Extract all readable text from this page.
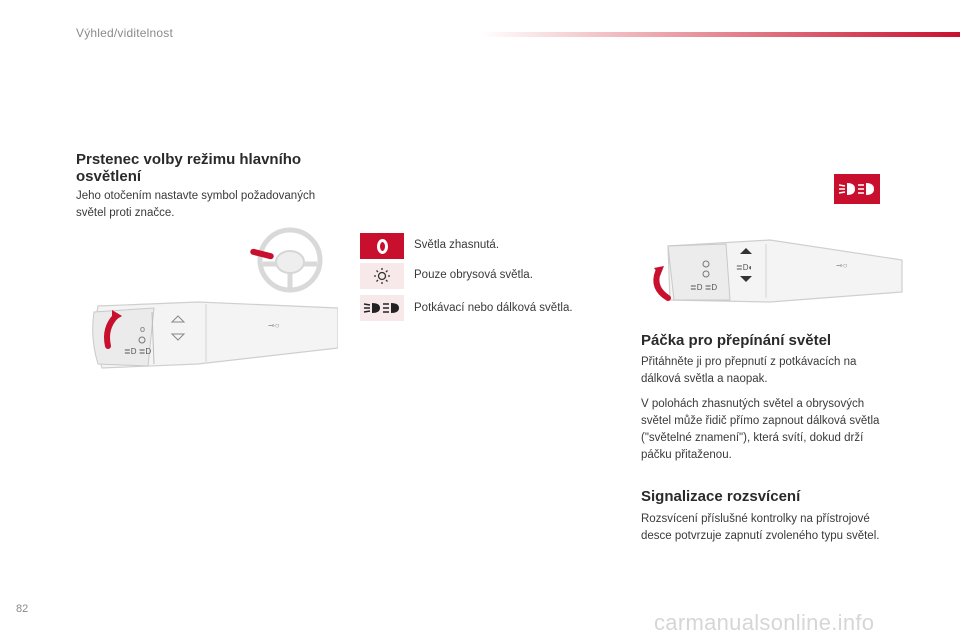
Výhled/viditelnost

Prstenec volby režimu hlavního
osvětlení

Jeho otočením nastavte symbol požadovaných
světel proti značce.

o
≣D ≣D
⊸○
Světla zhasnutá.
Pouze obrysová světla.
Potkávací nebo dálková světla.
≣D ≣D
≣D◐	⊸○

Páčka pro přepínání světel

Přitáhněte ji pro přepnutí z potkávacích na
dálková světla a naopak.

V polohách zhasnutých světel a obrysových
světel může řidič přímo zapnout dálková světla
("světelné znamení"), která svítí, dokud drží
páčku přitaženou.

Signalizace rozsvícení

Rozsvícení příslušné kontrolky na přístrojové
desce potvrzuje zapnutí zvoleného typu světel.

82
carmanualsonline.info
